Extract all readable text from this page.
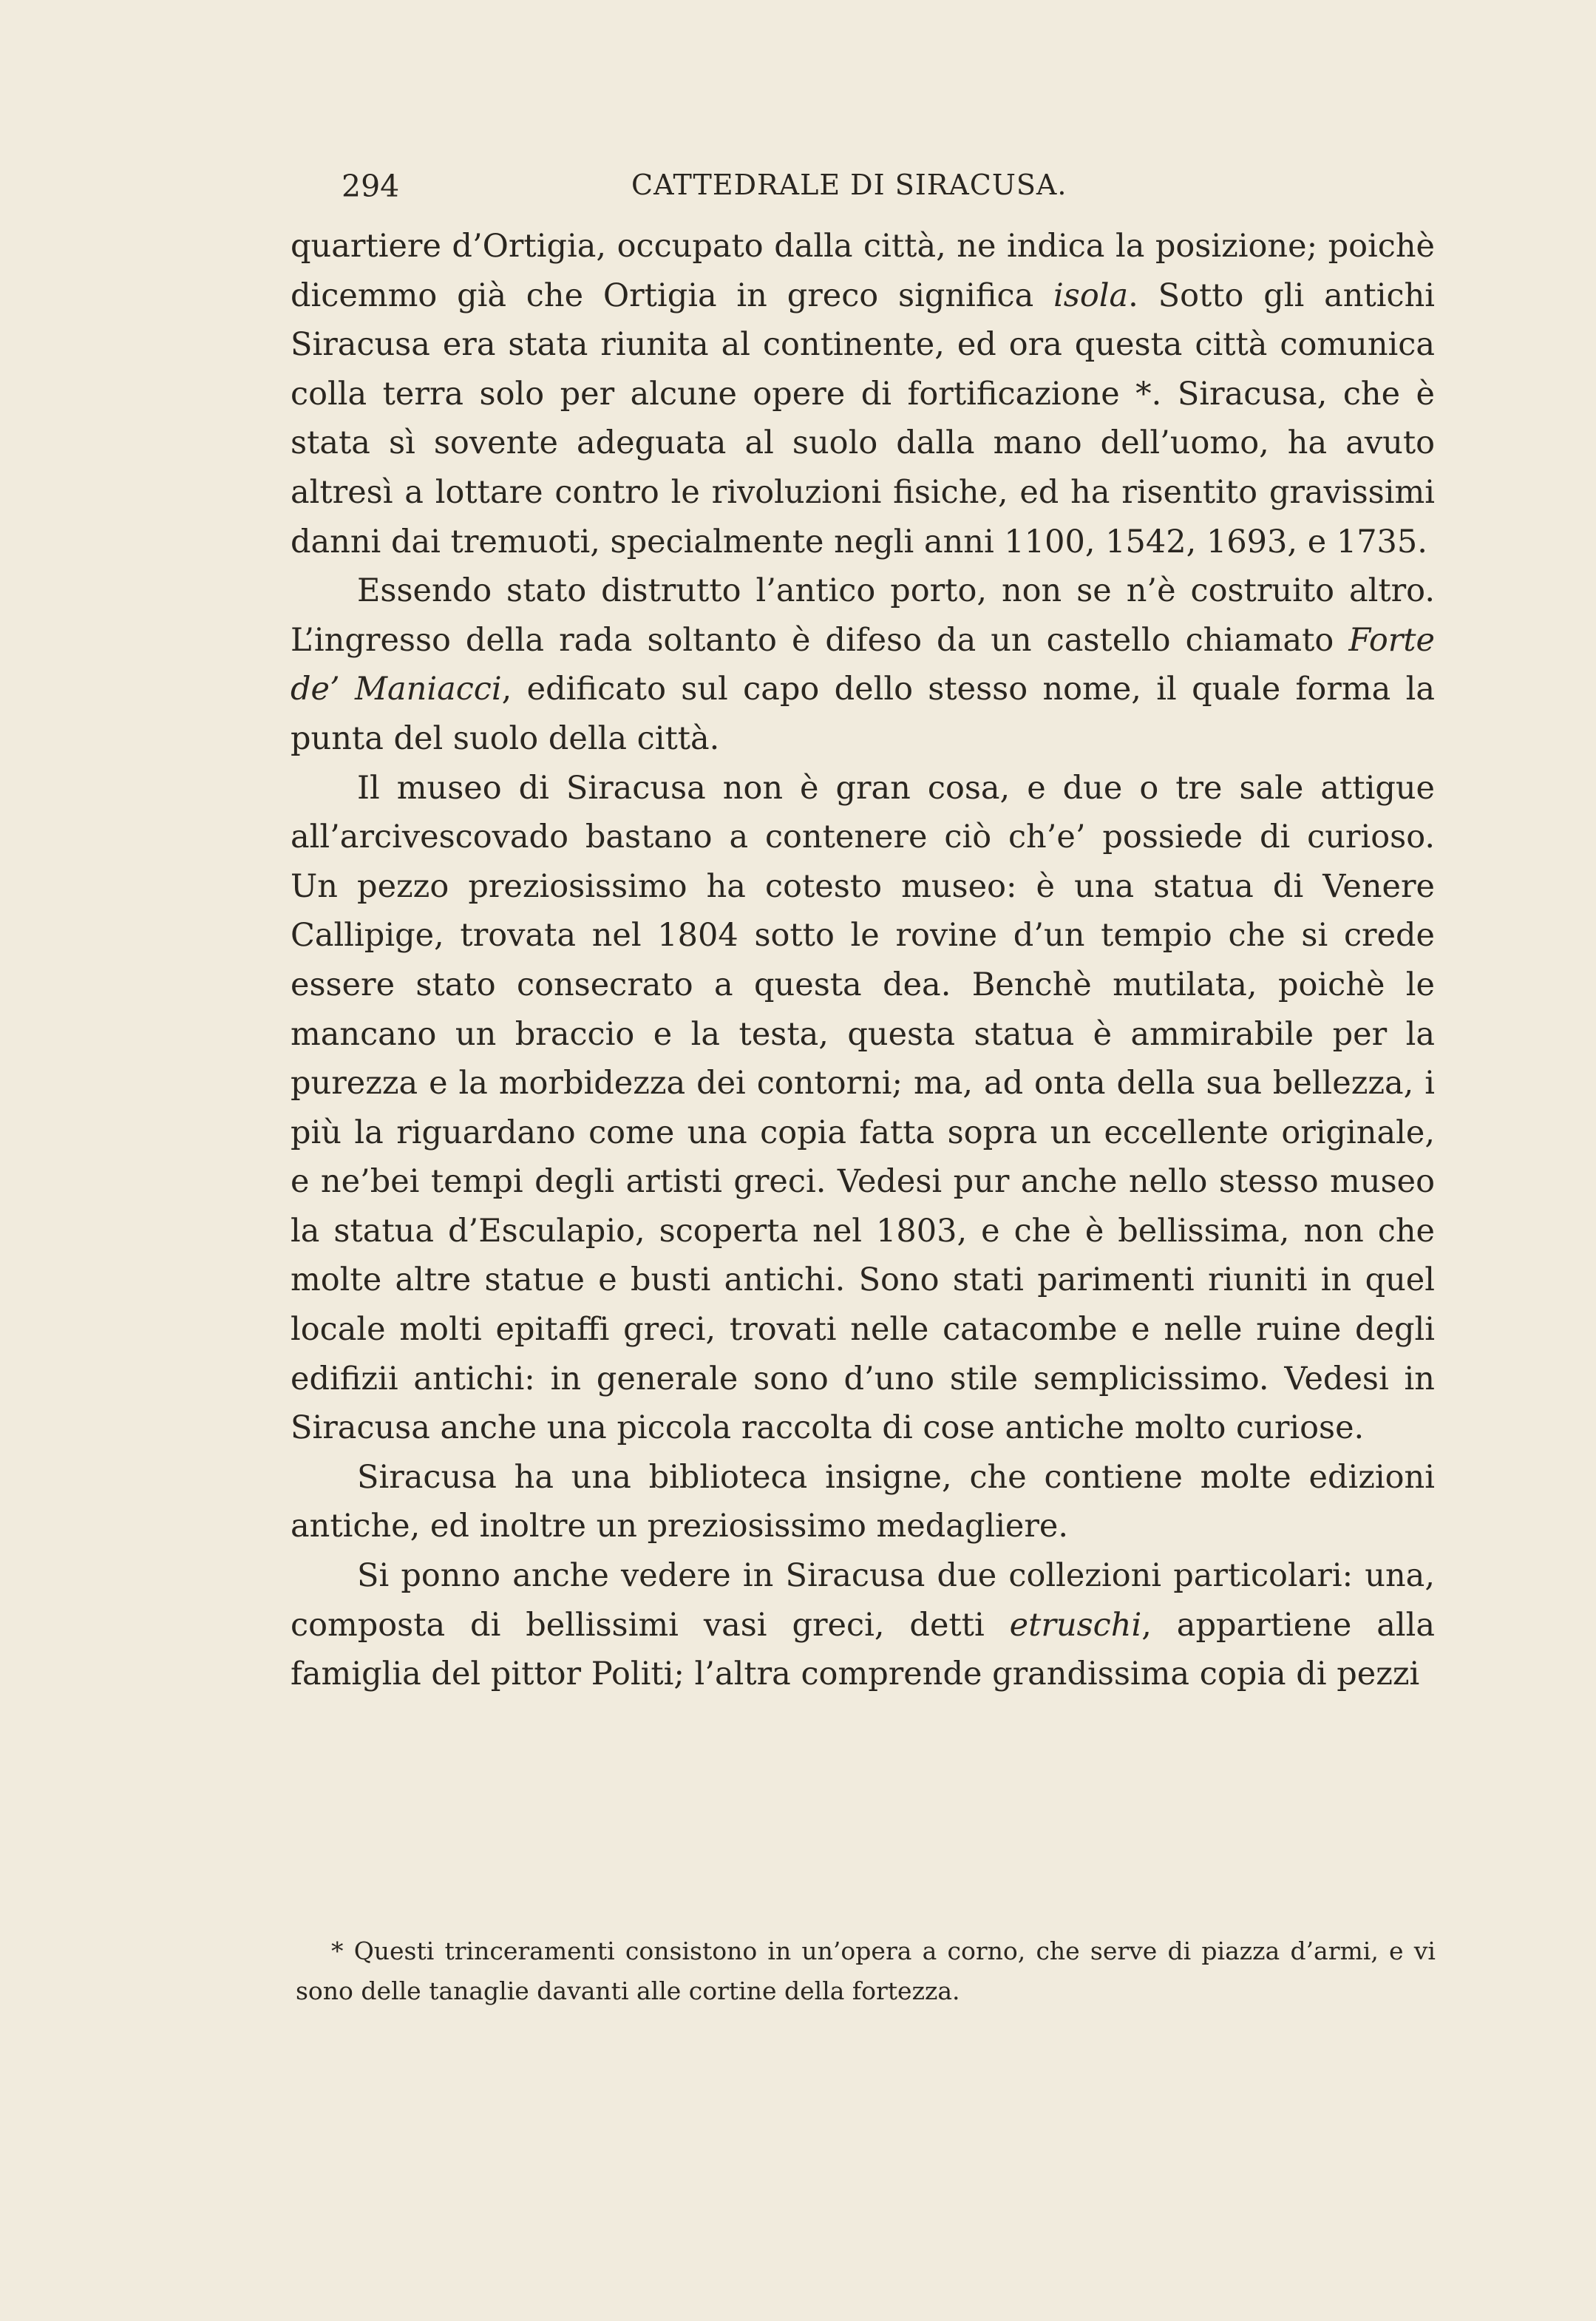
294	CATTEDRALE DI SIRACUSA.

quartiere d’Ortigia, occupato dalla città, ne indica la posizione; poichè dicemmo già che Ortigia in greco significa isola. Sotto gli antichi Siracusa era stata riunita al continente, ed ora questa città comunica colla terra solo per alcune opere di fortificazione *. Siracusa, che è stata sì sovente adeguata al suolo dalla mano dell’uomo, ha avuto altresì a lottare contro le rivoluzioni fisiche, ed ha risentito gravissimi danni dai tremuoti, specialmente negli anni 1100, 1542, 1693, e 1735.

Essendo stato distrutto l’antico porto, non se n’è costruito altro. L’ingresso della rada soltanto è difeso da un castello chiamato Forte de’ Maniacci, edificato sul capo dello stesso nome, il quale forma la punta del suolo della città.

Il museo di Siracusa non è gran cosa, e due o tre sale attigue all’arcivescovado bastano a contenere ciò ch’e’ possiede di curioso. Un pezzo preziosissimo ha cotesto museo: è una statua di Venere Callipige, trovata nel 1804 sotto le rovine d’un tempio che si crede essere stato consecrato a questa dea. Benchè mutilata, poichè le mancano un braccio e la testa, questa statua è ammirabile per la purezza e la morbidezza dei contorni; ma, ad onta della sua bellezza, i più la riguardano come una copia fatta sopra un eccellente originale, e ne’bei tempi degli artisti greci. Vedesi pur anche nello stesso museo la statua d’Esculapio, scoperta nel 1803, e che è bellissima, non che molte altre statue e busti antichi. Sono stati parimenti riuniti in quel locale molti epitaffi greci, trovati nelle catacombe e nelle ruine degli edifizii antichi: in generale sono d’uno stile semplicissimo. Vedesi in Siracusa anche una piccola raccolta di cose antiche molto curiose.

Siracusa ha una biblioteca insigne, che contiene molte edizioni antiche, ed inoltre un preziosissimo medagliere.

Si ponno anche vedere in Siracusa due collezioni particolari: una, composta di bellissimi vasi greci, detti etruschi, appartiene alla famiglia del pittor Politi; l’altra comprende grandissima copia di pezzi

* Questi trinceramenti consistono in un’opera a corno, che serve di piazza d’armi, e vi sono delle tanaglie davanti alle cortine della fortezza.
